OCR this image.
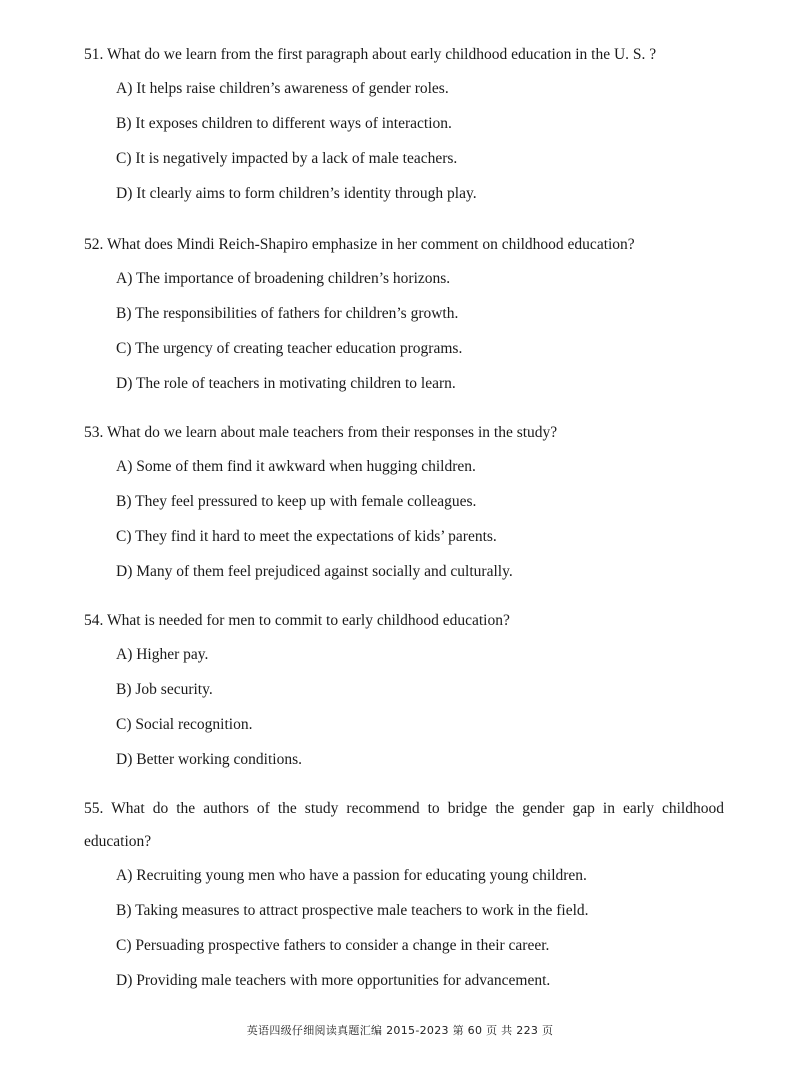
51. What do we learn from the first paragraph about early childhood education in the U. S. ?

A) It helps raise children’s awareness of gender roles.
B) It exposes children to different ways of interaction.
C) It is negatively impacted by a lack of male teachers.
D) It clearly aims to form children’s identity through play.

52. What does Mindi Reich-Shapiro emphasize in her comment on childhood education?

A) The importance of broadening children’s horizons.
B) The responsibilities of fathers for children’s growth.
C) The urgency of creating teacher education programs.
D) The role of teachers in motivating children to learn.

53. What do we learn about male teachers from their responses in the study?

A) Some of them find it awkward when hugging children.
B) They feel pressured to keep up with female colleagues.
C) They find it hard to meet the expectations of kids’ parents.
D) Many of them feel prejudiced against socially and culturally.

54. What is needed for men to commit to early childhood education?

A) Higher pay.
B) Job security.
C) Social recognition.
D) Better working conditions.

55. What do the authors of the study recommend to bridge the gender gap in early childhood education?

A) Recruiting young men who have a passion for educating young children.
B) Taking measures to attract prospective male teachers to work in the field.
C) Persuading prospective fathers to consider a change in their career.
D) Providing male teachers with more opportunities for advancement.
英语四级仔细阅读真题汇编 2015-2023 第 60 页 共 223 页
